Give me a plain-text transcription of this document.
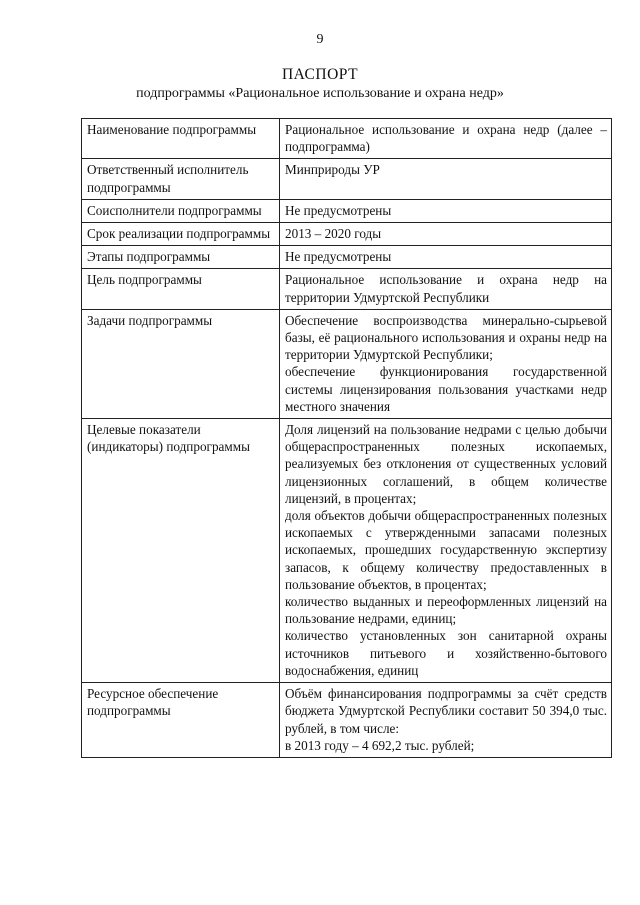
9
ПАСПОРТ
подпрограммы «Рациональное использование и охрана недр»
Наименование подпрограммы	Рациональное использование и охрана недр (далее – подпрограмма)

Ответственный исполнитель подпрограммы	Минприроды УР

Соисполнители подпрограммы	Не предусмотрены

Срок реализации подпрограммы	2013 – 2020 годы

Этапы подпрограммы	Не предусмотрены

Цель подпрограммы	Рациональное использование и охрана недр на территории Удмуртской Республики

Задачи подпрограммы	Обеспечение воспроизводства минерально-сырьевой базы, её рационального использования и охраны недр на территории Удмуртской Республики;
обеспечение функционирования государственной системы лицензирования пользования участками недр местного значения

Целевые показатели (индикаторы) подпрограммы	Доля лицензий на пользование недрами с целью добычи общераспространенных полезных ископаемых, реализуемых без отклонения от существенных условий лицензионных соглашений, в общем количестве лицензий, в процентах;
доля объектов добычи общераспространенных полезных ископаемых с утвержденными запасами полезных ископаемых, прошедших государственную экспертизу запасов, к общему количеству предоставленных в пользование объектов, в процентах;
количество выданных и переоформленных лицензий на пользование недрами, единиц;
количество установленных зон санитарной охраны источников питьевого и хозяйственно-бытового водоснабжения, единиц

Ресурсное обеспечение подпрограммы	Объём финансирования подпрограммы за счёт средств бюджета Удмуртской Республики составит 50 394,0 тыс. рублей, в том числе:
в 2013 году – 4 692,2 тыс. рублей;
